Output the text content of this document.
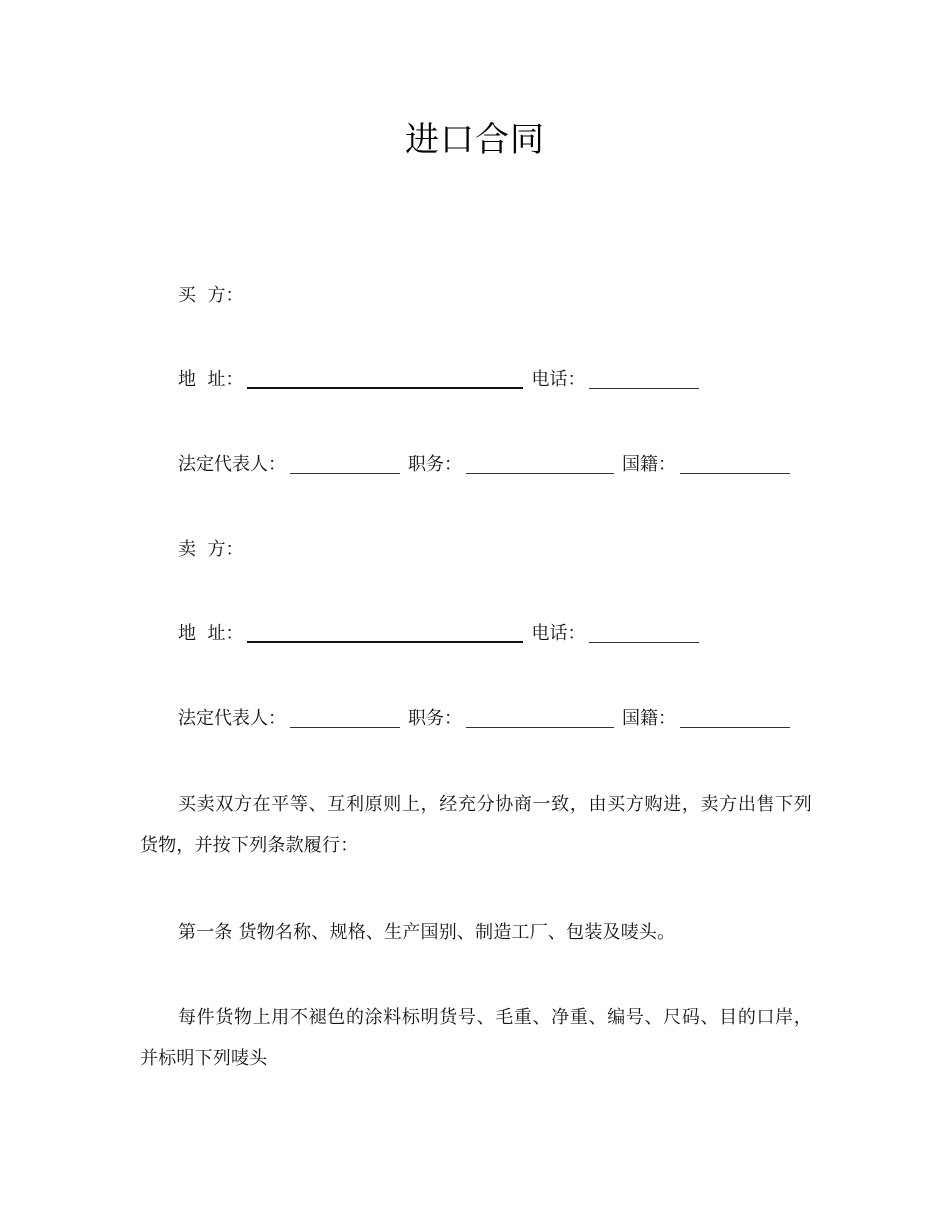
进口合同
买  方：
地  址：	电话：
法定代表人：	职务：	国籍：
卖  方：
地  址：	电话：
法定代表人：	职务：	国籍：
买卖双方在平等、互利原则上，经充分协商一致，由买方购进，卖方出售下列货物，并按下列条款履行：
第一条 货物名称、规格、生产国别、制造工厂、包装及唛头。
每件货物上用不褪色的涂料标明货号、毛重、净重、编号、尺码、目的口岸，并标明下列唛头
